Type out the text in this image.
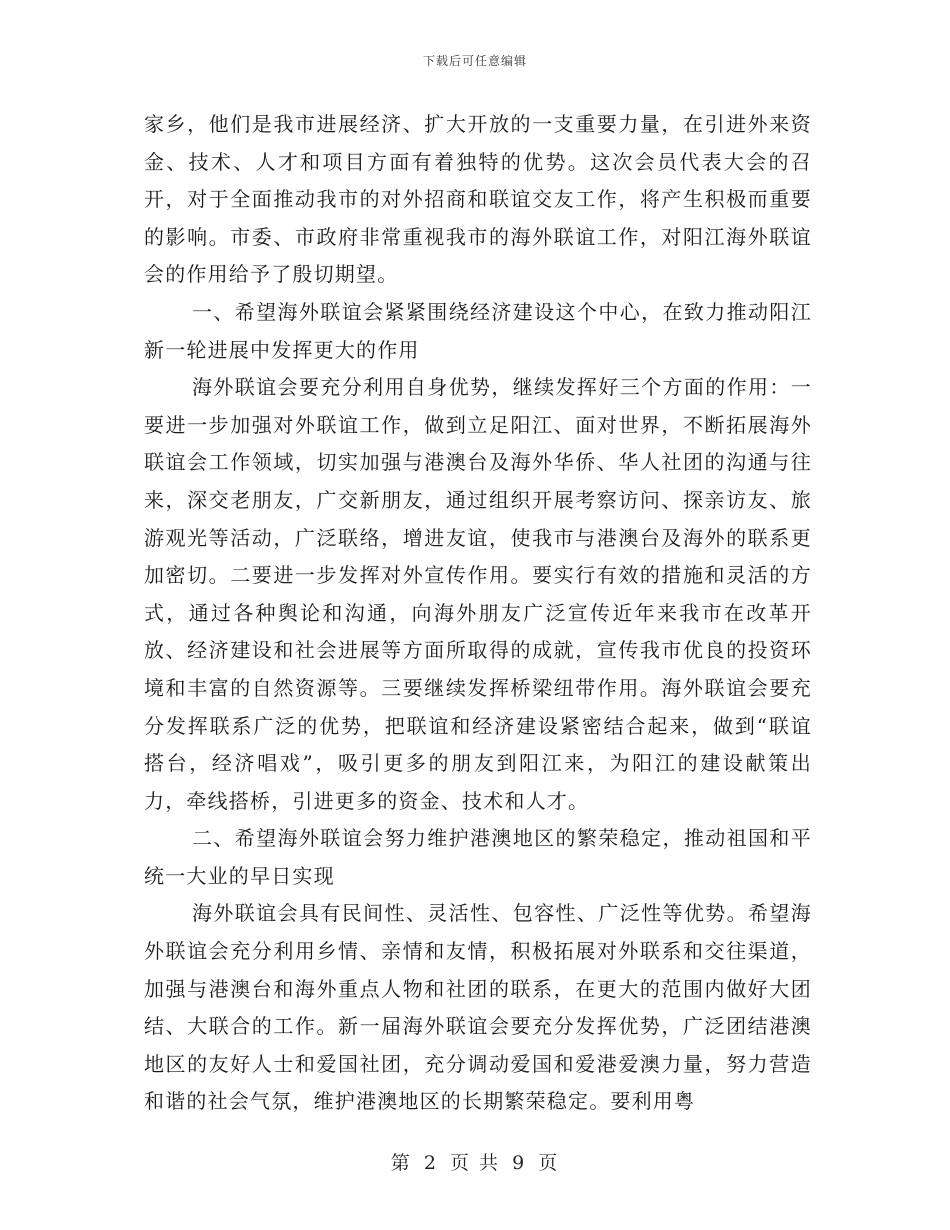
下载后可任意编辑

家乡，他们是我市进展经济、扩大开放的一支重要力量，在引进外来资金、技术、人才和项目方面有着独特的优势。这次会员代表大会的召开，对于全面推动我市的对外招商和联谊交友工作，将产生积极而重要的影响。市委、市政府非常重视我市的海外联谊工作，对阳江海外联谊会的作用给予了殷切期望。

一、希望海外联谊会紧紧围绕经济建设这个中心，在致力推动阳江新一轮进展中发挥更大的作用

海外联谊会要充分利用自身优势，继续发挥好三个方面的作用：一要进一步加强对外联谊工作，做到立足阳江、面对世界，不断拓展海外联谊会工作领域，切实加强与港澳台及海外华侨、华人社团的沟通与往来，深交老朋友，广交新朋友，通过组织开展考察访问、探亲访友、旅游观光等活动，广泛联络，增进友谊，使我市与港澳台及海外的联系更加密切。二要进一步发挥对外宣传作用。要实行有效的措施和灵活的方式，通过各种舆论和沟通，向海外朋友广泛宣传近年来我市在改革开放、经济建设和社会进展等方面所取得的成就，宣传我市优良的投资环境和丰富的自然资源等。三要继续发挥桥梁纽带作用。海外联谊会要充分发挥联系广泛的优势，把联谊和经济建设紧密结合起来，做到“联谊搭台，经济唱戏”，吸引更多的朋友到阳江来，为阳江的建设献策出力，牵线搭桥，引进更多的资金、技术和人才。

二、希望海外联谊会努力维护港澳地区的繁荣稳定，推动祖国和平统一大业的早日实现

海外联谊会具有民间性、灵活性、包容性、广泛性等优势。希望海外联谊会充分利用乡情、亲情和友情，积极拓展对外联系和交往渠道，加强与港澳台和海外重点人物和社团的联系，在更大的范围内做好大团结、大联合的工作。新一届海外联谊会要充分发挥优势，广泛团结港澳地区的友好人士和爱国社团，充分调动爱国和爱港爱澳力量，努力营造和谐的社会气氛，维护港澳地区的长期繁荣稳定。要利用粤

第 2 页 共 9 页
